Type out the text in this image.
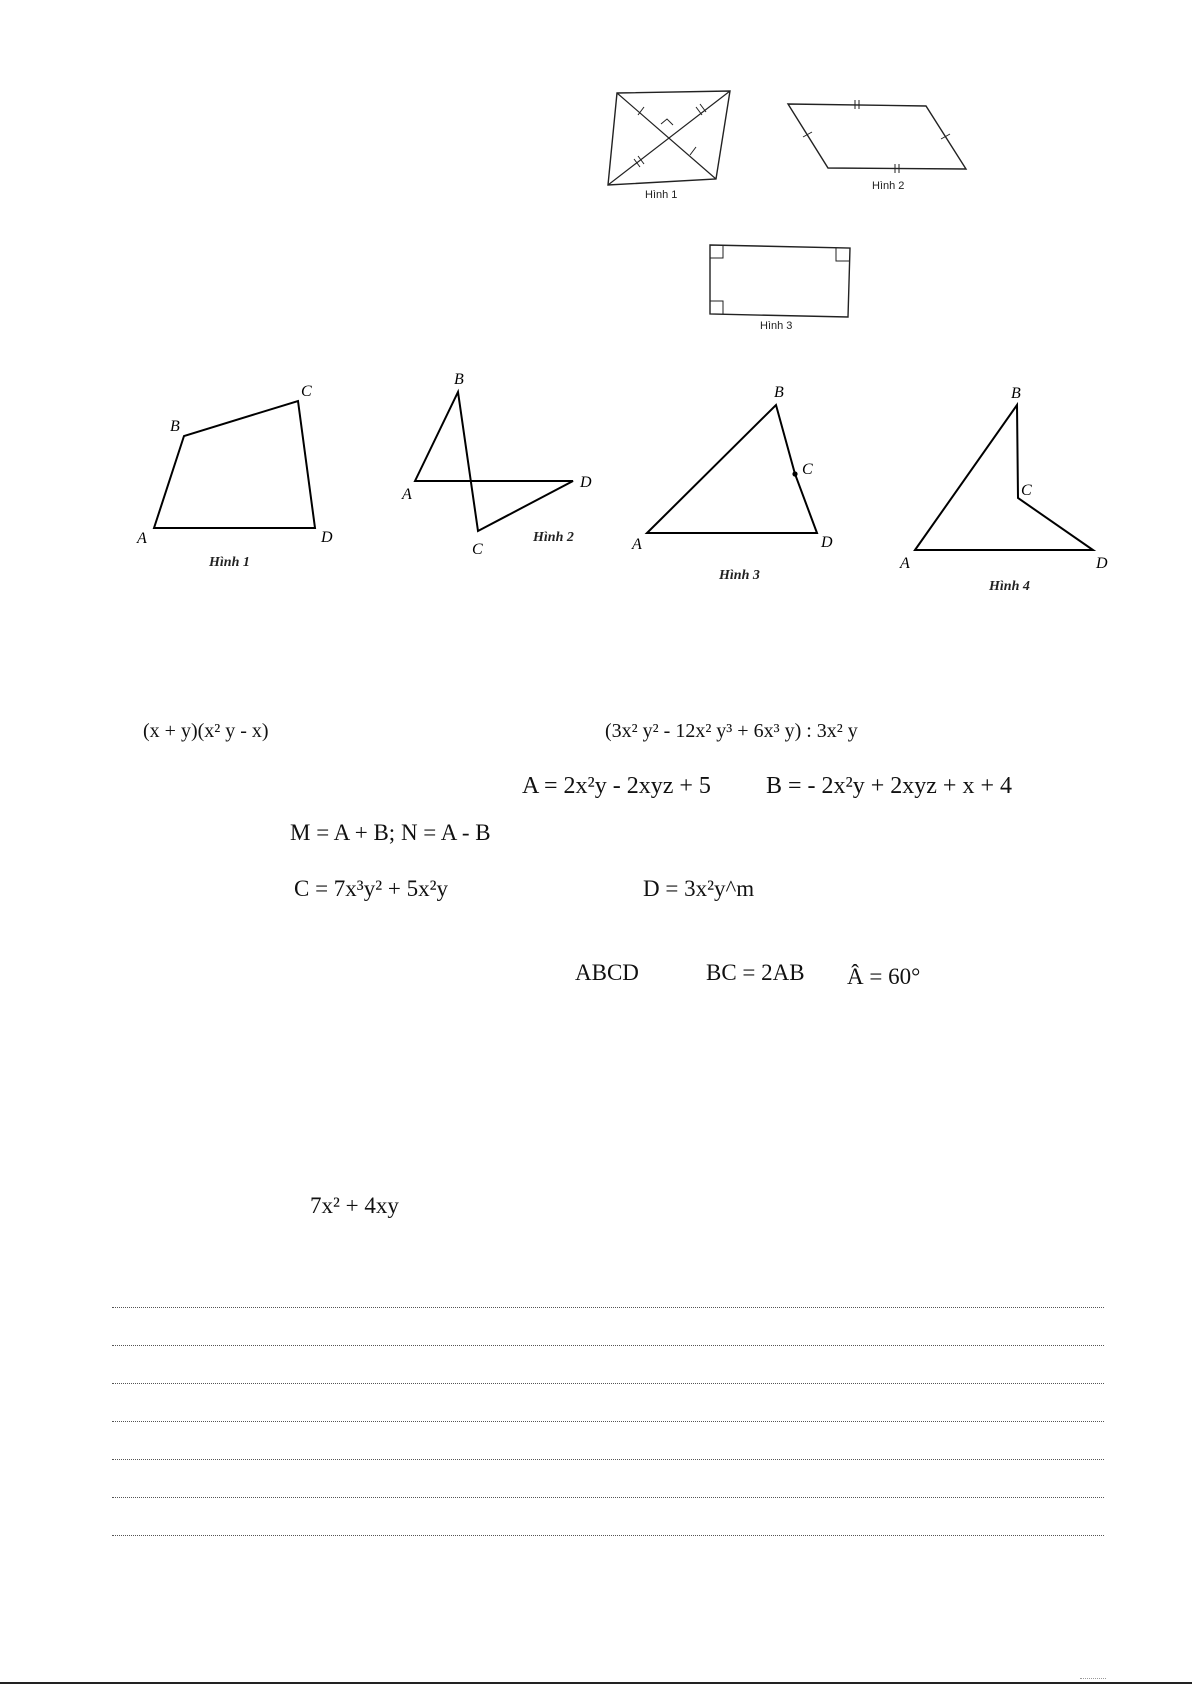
Hình 1
Hình 2
Hình 3
A
B
C
D
Hình 1
A
B
C
D
Hình 2	A
B
C
D
Hình 3
A
B
C
D
Hình 4
(x + y)(x² y - x)	(3x² y² - 12x² y³ + 6x³ y) : 3x² y
A = 2x²y - 2xyz + 5 B = - 2x²y + 2xyz + x + 4
M = A + B; N = A - B
C = 7x³y² + 5x²y	D = 3x²y^m
ABCD	BC = 2AB Â = 60°
7x² + 4xy
